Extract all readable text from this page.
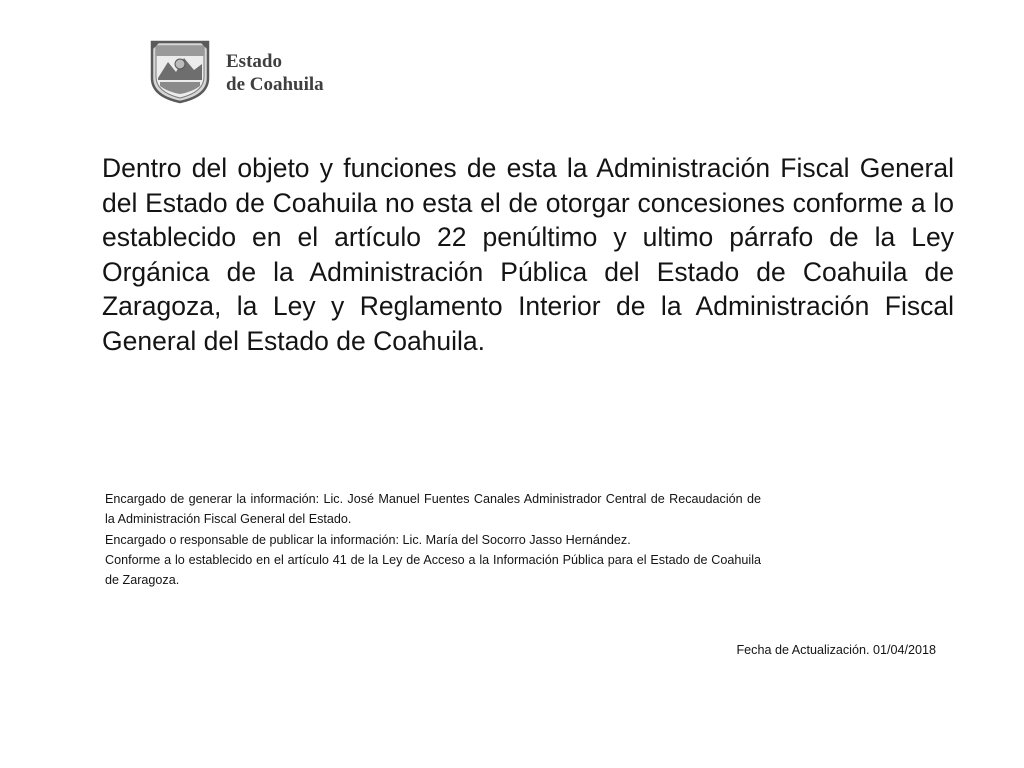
Estado
de Coahuila

Dentro del objeto y funciones de esta la Administración Fiscal General del Estado de Coahuila no esta el de otorgar concesiones conforme a lo establecido en el artículo 22 penúltimo y ultimo párrafo de la Ley Orgánica de la Administración Pública del Estado de Coahuila de Zaragoza, la Ley y Reglamento Interior de la Administración Fiscal General del Estado de Coahuila.

Encargado de generar la información: Lic. José Manuel Fuentes Canales Administrador Central de Recaudación de la Administración Fiscal General del Estado.

Encargado o responsable de publicar la información: Lic. María del Socorro Jasso Hernández.

Conforme a lo establecido en el artículo 41 de la Ley de Acceso a la Información Pública para el Estado de Coahuila de Zaragoza.

Fecha de Actualización. 01/04/2018
